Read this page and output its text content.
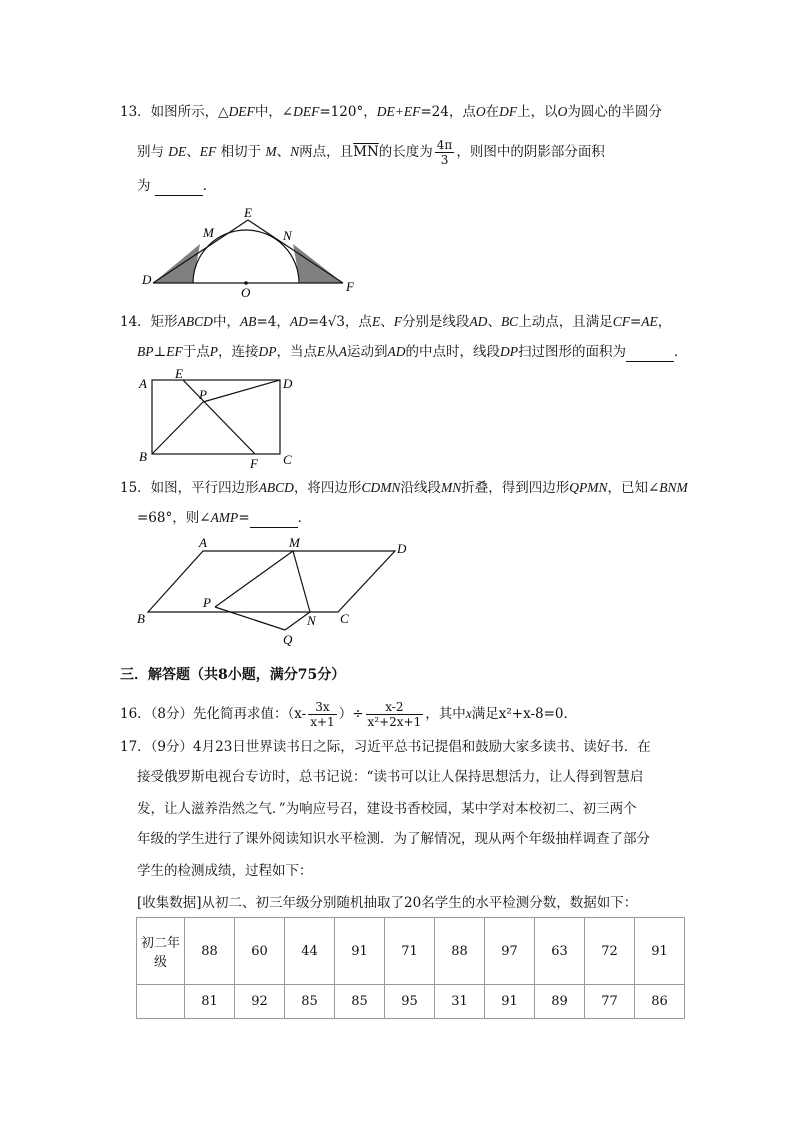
13．如图所示，△DEF中，∠DEF=120°，DE+EF=24，点O在DF上，以O为圆心的半圆分
别与 DE、EF 相切于 M、N两点，且$\overline{MN}$的长度为 $\frac{4\pi}{3}$ ，则图中的阴影部分面积
为	．
D
E
F
M	N
O
14．矩形ABCD中，AB=4，AD=4√3，点E、F分别是线段AD、BC上动点，且满足CF=AE，
BP⊥EF于点P，连接DP，当点E从A运动到AD的中点时，线段DP扫过图形的面积为	．
A
E
D
P
B	F C
15．如图，平行四边形ABCD，将四边形CDMN沿线段MN折叠，得到四边形QPMN，已知∠BNM
=68°，则∠AMP=	．
A	M	D
P
B	N C
Q
三．解答题（共8小题，满分75分）
16．（8分）先化简再求值：（$x- \frac{3x}{x+1}$ ）÷ $\frac{x-2}{\text{x²+2x+1}}$ ，其中x满足x²+x-8=0．
17．（9分）4月23日世界读书日之际，习近平总书记提倡和鼓励大家多读书、读好书．在
接受俄罗斯电视台专访时，总书记说：“读书可以让人保持思想活力，让人得到智慧启
发，让人滋养浩然之气．”为响应号召，建设书香校园，某中学对本校初二、初三两个
年级的学生进行了课外阅读知识水平检测．为了解情况，现从两个年级抽样调查了部分
学生的检测成绩，过程如下：
[收集数据]从初二、初三年级分别随机抽取了20名学生的水平检测分数，数据如下：
初二年级	88	60	44	91	71	88	97	63	72	91
	81	92	85	85	95	31	91	89	77	86
